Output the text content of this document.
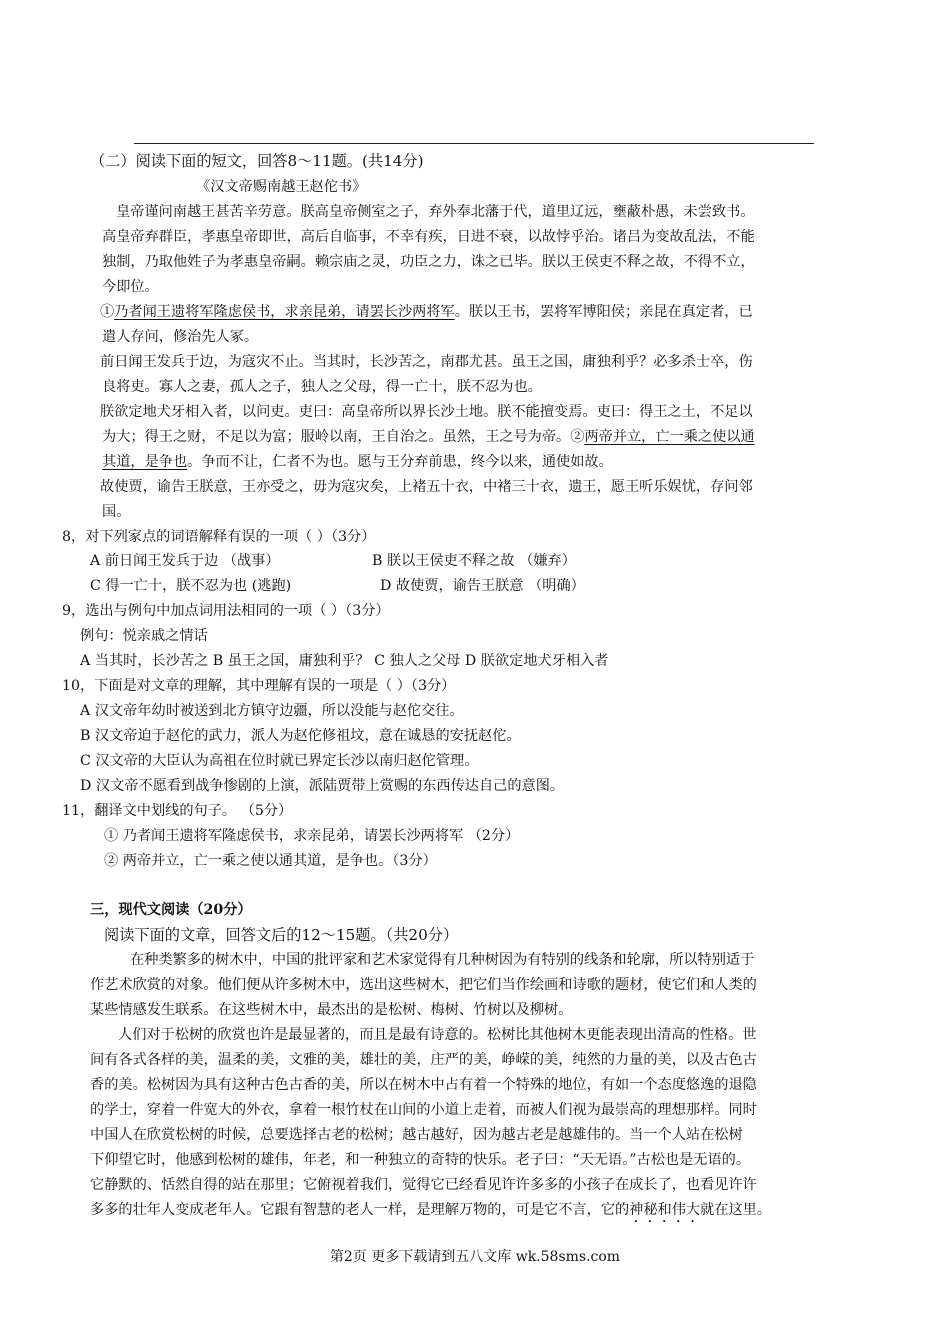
（二）阅读下面的短文，回答8～11题。(共14分)
《汉文帝赐南越王赵佗书》
皇帝谨问南越王甚苦辛劳意。朕高皇帝侧室之子，弃外奉北藩于代，道里辽远，壅蔽朴愚，未尝致书。
高皇帝弃群臣，孝惠皇帝即世，高后自临事，不幸有疾，日进不衰，以故悖乎治。诸吕为变故乱法，不能
独制，乃取他姓子为孝惠皇帝嗣。赖宗庙之灵，功臣之力，诛之已毕。朕以王侯吏不释之故，不得不立，
今即位。
①乃者闻王遗将军隆虑侯书，求亲昆弟，请罢长沙两将军。朕以王书，罢将军博阳侯；亲昆在真定者，已
遣人存问，修治先人冢。
前日闻王发兵于边，为寇灾不止。当其时，长沙苦之，南郡尤甚。虽王之国，庸独利乎？必多杀士卒，伤
良将吏。寡人之妻，孤人之子，独人之父母，得一亡十，朕不忍为也。
朕欲定地犬牙相入者，以问吏。吏曰：高皇帝所以界长沙土地。朕不能擅变焉。吏曰：得王之土，不足以
为大；得王之财，不足以为富；服岭以南，王自治之。虽然，王之号为帝。②两帝并立，亡一乘之使以通
其道，是争也。争而不让，仁者不为也。愿与王分弃前患，终今以来，通使如故。
故使贾，谕告王朕意，王亦受之，毋为寇灾矣，上褚五十衣，中褚三十衣，遗王，愿王听乐娱忧，存问邻
国。
8，对下列家点的词语解释有误的一项（ ）（3分）
A 前日闻王发兵于边 （战事）	B 朕以王侯吏不释之故 （嫌弃）
C 得一亡十，朕不忍为也 (逃跑)	D 故使贾，谕告王朕意 （明确）
9，选出与例句中加点词用法相同的一项（ ）（3分）
例句：悦亲戚之情话
A 当其时，长沙苦之 B 虽王之国，庸独利乎？ C 独人之父母 D 朕欲定地犬牙相入者
10，下面是对文章的理解，其中理解有误的一项是（ ）（3分）
A 汉文帝年幼时被送到北方镇守边疆，所以没能与赵佗交往。
B 汉文帝迫于赵佗的武力，派人为赵佗修祖坟，意在诚恳的安抚赵佗。
C 汉文帝的大臣认为高祖在位时就已界定长沙以南归赵佗管理。
D 汉文帝不愿看到战争惨剧的上演，派陆贾带上赏赐的东西传达自己的意图。
11，翻译文中划线的句子。 （5分）
① 乃者闻王遗将军隆虑侯书，求亲昆弟，请罢长沙两将军 （2分）
② 两帝并立，亡一乘之使以通其道，是争也。（3分）
三，现代文阅读（20分）
阅读下面的文章，回答文后的12～15题。（共20分）
在种类繁多的树木中，中国的批评家和艺术家觉得有几种树因为有特别的线条和轮廓，所以特别适于
作艺术欣赏的对象。他们便从许多树木中，选出这些树木，把它们当作绘画和诗歌的题材，使它们和人类的
某些情感发生联系。在这些树木中，最杰出的是松树、梅树、竹树以及柳树。
人们对于松树的欣赏也许是最显著的，而且是最有诗意的。松树比其他树木更能表现出清高的性格。世
间有各式各样的美，温柔的美，文雅的美，雄壮的美，庄严的美，峥嵘的美，纯然的力量的美，以及古色古
香的美。松树因为具有这种古色古香的美，所以在树木中占有着一个特殊的地位，有如一个态度悠逸的退隐
的学士，穿着一件宽大的外衣，拿着一根竹杖在山间的小道上走着，而被人们视为最崇高的理想那样。同时
中国人在欣赏松树的时候，总要选择古老的松树；越古越好，因为越古老是越雄伟的。当一个人站在松树
下仰望它时，他感到松树的雄伟，年老，和一种独立的奇特的快乐。老子曰：“天无语。”古松也是无语的。
它静默的、恬然自得的站在那里；它俯视着我们，觉得它已经看见许许多多的小孩子在成长了，也看见许许
多多的壮年人变成老年人。它跟有智慧的老人一样，是理解万物的，可是它不言，它的神秘和伟大就在这里。
第2页 更多下载请到五八文库 wk.58sms.com
